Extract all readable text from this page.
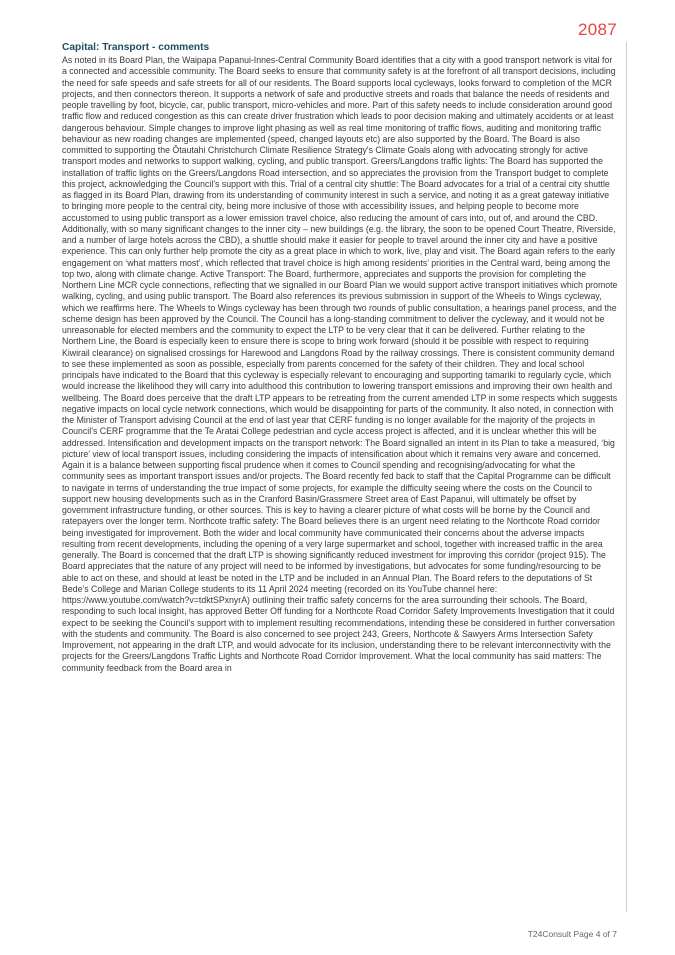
2087
Capital: Transport - comments

As noted in its Board Plan, the Waipapa Papanui-Innes-Central Community Board identifies that a city with a good transport network is vital for a connected and accessible community. The Board seeks to ensure that community safety is at the forefront of all transport decisions, including the need for safe speeds and safe streets for all of our residents. The Board supports local cycleways, looks forward to completion of the MCR projects, and then connectors thereon. It supports a network of safe and productive streets and roads that balance the needs of residents and people travelling by foot, bicycle, car, public transport, micro-vehicles and more. Part of this safety needs to include consideration around good traffic flow and reduced congestion as this can create driver frustration which leads to poor decision making and ultimately accidents or at least dangerous behaviour. Simple changes to improve light phasing as well as real time monitoring of traffic flows, auditing and monitoring traffic behaviour as new roading changes are implemented (speed, changed layouts etc) are also supported by the Board. The Board is also committed to supporting the Ōtautahi Christchurch Climate Resilience Strategy's Climate Goals along with advocating strongly for active transport modes and networks to support walking, cycling, and public transport. Greers/Langdons traffic lights: The Board has supported the installation of traffic lights on the Greers/Langdons Road intersection, and so appreciates the provision from the Transport budget to complete this project, acknowledging the Council’s support with this. Trial of a central city shuttle: The Board advocates for a trial of a central city shuttle as flagged in its Board Plan, drawing from its understanding of community interest in such a service, and noting it as a great gateway initiative to bringing more people to the central city, being more inclusive of those with accessibility issues, and helping people to become more accustomed to using public transport as a lower emission travel choice, also reducing the amount of cars into, out of, and around the CBD. Additionally, with so many significant changes to the inner city – new buildings (e.g. the library, the soon to be opened Court Theatre, Riverside, and a number of large hotels across the CBD), a shuttle should make it easier for people to travel around the inner city and have a positive experience. This can only further help promote the city as a great place in which to work, live, play and visit. The Board again refers to the early engagement on ‘what matters most’, which reflected that travel choice is high among residents’ priorities in the Central ward, being among the top two, along with climate change. Active Transport: The Board, furthermore, appreciates and supports the provision for completing the Northern Line MCR cycle connections, reflecting that we signalled in our Board Plan we would support active transport initiatives which promote walking, cycling, and using public transport. The Board also references its previous submission in support of the Wheels to Wings cycleway, which we reaffirms here. The Wheels to Wings cycleway has been through two rounds of public consultation, a hearings panel process, and the scheme design has been approved by the Council. The Council has a long-standing commitment to deliver the cycleway, and it would not be unreasonable for elected members and the community to expect the LTP to be very clear that it can be delivered. Further relating to the Northern Line, the Board is especially keen to ensure there is scope to bring work forward (should it be possible with respect to requiring Kiwirail clearance) on signalised crossings for Harewood and Langdons Road by the railway crossings. There is consistent community demand to see these implemented as soon as possible, especially from parents concerned for the safety of their children. They and local school principals have indicated to the Board that this cycleway is especially relevant to encouraging and supporting tamariki to regularly cycle, which would increase the likelihood they will carry into adulthood this contribution to lowering transport emissions and improving their own health and wellbeing. The Board does perceive that the draft LTP appears to be retreating from the current amended LTP in some respects which suggests negative impacts on local cycle network connections, which would be disappointing for parts of the community. It also noted, in connection with the Minister of Transport advising Council at the end of last year that CERF funding is no longer available for the majority of the projects in Council’s CERF programme that the Te Aratai College pedestrian and cycle access project is affected, and it is unclear whether this will be addressed. Intensification and development impacts on the transport network: The Board signalled an intent in its Plan to take a measured, ‘big picture’ view of local transport issues, including considering the impacts of intensification about which it remains very aware and concerned. Again it is a balance between supporting fiscal prudence when it comes to Council spending and recognising/advocating for what the community sees as important transport issues and/or projects. The Board recently fed back to staff that the Capital Programme can be difficult to navigate in terms of understanding the true impact of some projects, for example the difficulty seeing where the costs on the Council to support new housing developments such as in the Cranford Basin/Grassmere Street area of East Papanui, will ultimately be offset by government infrastructure funding, or other sources. This is key to having a clearer picture of what costs will be borne by the Council and ratepayers over the longer term. Northcote traffic safety: The Board believes there is an urgent need relating to the Northcote Road corridor being investigated for improvement. Both the wider and local community have communicated their concerns about the adverse impacts resulting from recent developments, including the opening of a very large supermarket and school, together with increased traffic in the area generally. The Board is concerned that the draft LTP is showing significantly reduced investment for improving this corridor (project 915). The Board appreciates that the nature of any project will need to be informed by investigations, but advocates for some funding/resourcing to be able to act on these, and should at least be noted in the LTP and be included in an Annual Plan. The Board refers to the deputations of St Bede’s College and Marian College students to its 11 April 2024 meeting (recorded on its YouTube channel here: https://www.youtube.com/watch?v=tdktSPxnyrA) outlining their traffic safety concerns for the area surrounding their schools. The Board, responding to such local insight, has approved Better Off funding for a Northcote Road Corridor Safety Improvements Investigation that it could expect to be seeking the Council’s support with to implement resulting recommendations, intending these be considered in further conversation with the students and community. The Board is also concerned to see project 243, Greers, Northcote & Sawyers Arms Intersection Safety Improvement, not appearing in the draft LTP, and would advocate for its inclusion, understanding there to be relevant interconnectivity with the projects for the Greers/Langdons Traffic Lights and Northcote Road Corridor Improvement. What the local community has said matters: The community feedback from the Board area in

T24Consult Page 4 of 7
